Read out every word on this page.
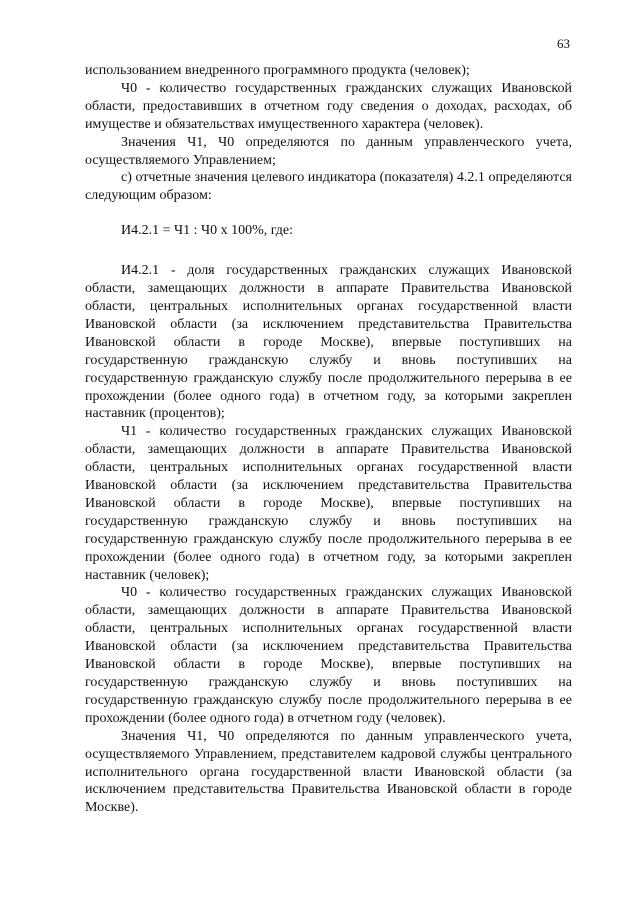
63

использованием внедренного программного продукта (человек);

Ч0 - количество государственных гражданских служащих Ивановской области, предоставивших в отчетном году сведения о доходах, расходах, об имуществе и обязательствах имущественного характера (человек).

Значения Ч1, Ч0 определяются по данным управленческого учета, осуществляемого Управлением;

с) отчетные значения целевого индикатора (показателя) 4.2.1 определяются следующим образом:

И4.2.1 = Ч1 : Ч0 х 100%, где:

И4.2.1 - доля государственных гражданских служащих Ивановской области, замещающих должности в аппарате Правительства Ивановской области, центральных исполнительных органах государственной власти Ивановской области (за исключением представительства Правительства Ивановской области в городе Москве), впервые поступивших на государственную гражданскую службу и вновь поступивших на государственную гражданскую службу после продолжительного перерыва в ее прохождении (более одного года) в отчетном году, за которыми закреплен наставник (процентов);

Ч1 - количество государственных гражданских служащих Ивановской области, замещающих должности в аппарате Правительства Ивановской области, центральных исполнительных органах государственной власти Ивановской области (за исключением представительства Правительства Ивановской области в городе Москве), впервые поступивших на государственную гражданскую службу и вновь поступивших на государственную гражданскую службу после продолжительного перерыва в ее прохождении (более одного года) в отчетном году, за которыми закреплен наставник (человек);

Ч0 - количество государственных гражданских служащих Ивановской области, замещающих должности в аппарате Правительства Ивановской области, центральных исполнительных органах государственной власти Ивановской области (за исключением представительства Правительства Ивановской области в городе Москве), впервые поступивших на государственную гражданскую службу и вновь поступивших на государственную гражданскую службу после продолжительного перерыва в ее прохождении (более одного года) в отчетном году (человек).

Значения Ч1, Ч0 определяются по данным управленческого учета, осуществляемого Управлением, представителем кадровой службы центрального исполнительного органа государственной власти Ивановской области (за исключением представительства Правительства Ивановской области в городе Москве).
